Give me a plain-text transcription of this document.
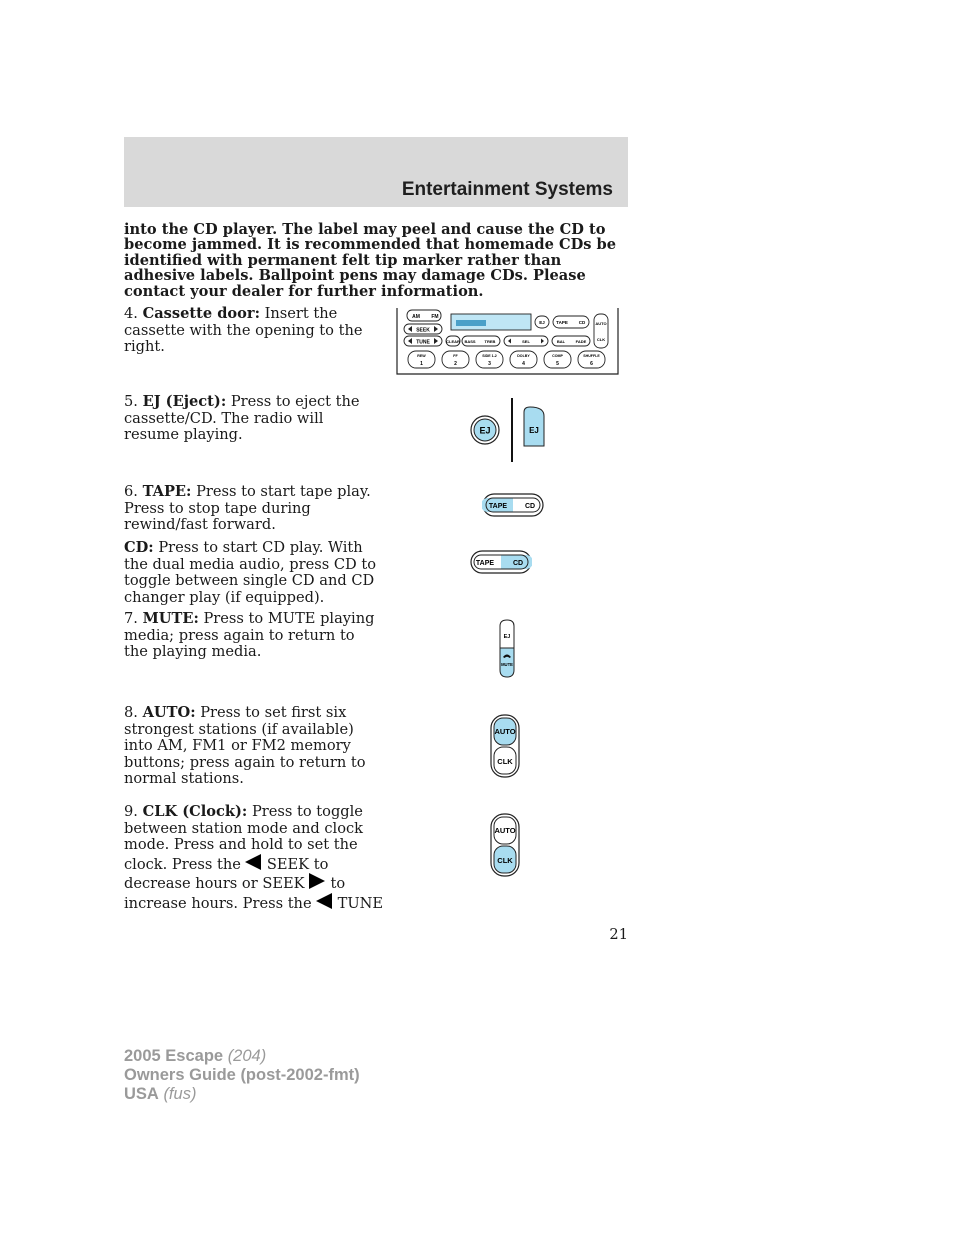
Entertainment Systems

into the CD player. The label may peel and cause the CD to become jammed. It is recommended that homemade CDs be identified with permanent felt tip marker rather than adhesive labels. Ballpoint pens may damage CDs. Please contact your dealer for further information.

4. Cassette door: Insert the cassette with the opening to the right.

AM FM
SEEK
TUNE
EJ	TAPE CD	AUTO
CLK
CLEAR BASS TREB	SEL	BAL	FADE
REW
1
FF
2
SIDE 1-2
3
DOLBY
4
COMP
5
SHUFFLE
6

5. EJ (Eject): Press to eject the cassette/CD. The radio will resume playing.	EJ	EJ

6. TAPE: Press to start tape play. Press to stop tape during rewind/fast forward.

TAPE	CD

CD: Press to start CD play. With the dual media audio, press CD to toggle between single CD and CD changer play (if equipped).

TAPE	CD

7. MUTE: Press to MUTE playing media; press again to return to the playing media.

EJ
MUTE

8. AUTO: Press to set first six strongest stations (if available) into AM, FM1 or FM2 memory buttons; press again to return to normal stations.

AUTO
CLK
9. CLK (Clock): Press to toggle between station mode and clock mode. Press and hold to set the clock. Press the SEEK to decrease hours or SEEK to increase hours. Press the TUNE
AUTO
CLK

21

2005 Escape (204)
Owners Guide (post-2002-fmt)
USA (fus)
